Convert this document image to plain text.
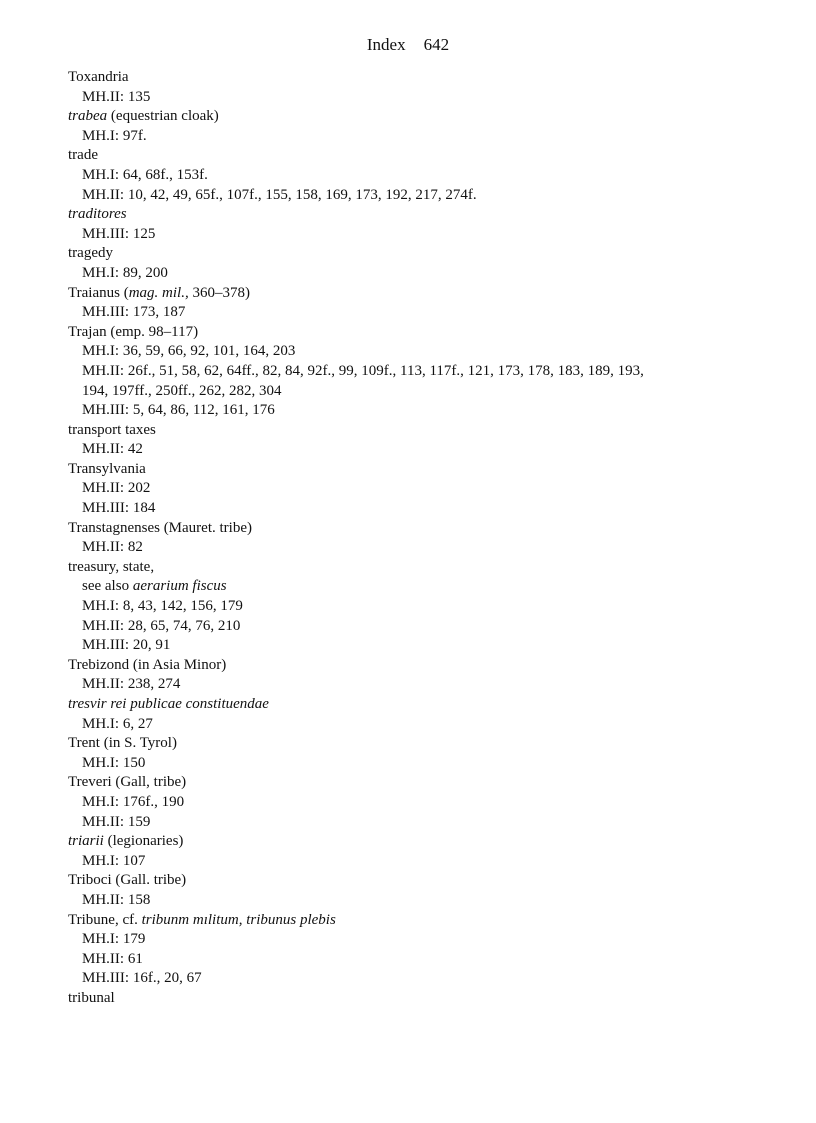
Index 642
Toxandria
MH.II: 135
trabea (equestrian cloak)
MH.I: 97f.
trade
MH.I: 64, 68f., 153f.
MH.II: 10, 42, 49, 65f., 107f., 155, 158, 169, 173, 192, 217, 274f.
traditores
MH.III: 125
tragedy
MH.I: 89, 200
Traianus (mag. mil., 360–378)
MH.III: 173, 187
Trajan (emp. 98–117)
MH.I: 36, 59, 66, 92, 101, 164, 203
MH.II: 26f., 51, 58, 62, 64ff., 82, 84, 92f., 99, 109f., 113, 117f., 121, 173, 178, 183, 189, 193,
194, 197ff., 250ff., 262, 282, 304
MH.III: 5, 64, 86, 112, 161, 176
transport taxes
MH.II: 42
Transylvania
MH.II: 202
MH.III: 184
Transtagnenses (Mauret. tribe)
MH.II: 82
treasury, state,
see also aerarium fiscus
MH.I: 8, 43, 142, 156, 179
MH.II: 28, 65, 74, 76, 210
MH.III: 20, 91
Trebizond (in Asia Minor)
MH.II: 238, 274
tresvir rei publicae constituendae
MH.I: 6, 27
Trent (in S. Tyrol)
MH.I: 150
Treveri (Gall, tribe)
MH.I: 176f., 190
MH.II: 159
triarii (legionaries)
MH.I: 107
Triboci (Gall. tribe)
MH.II: 158
Tribune, cf. tribunm mılitum, tribunus plebis
MH.I: 179
MH.II: 61
MH.III: 16f., 20, 67
tribunal
